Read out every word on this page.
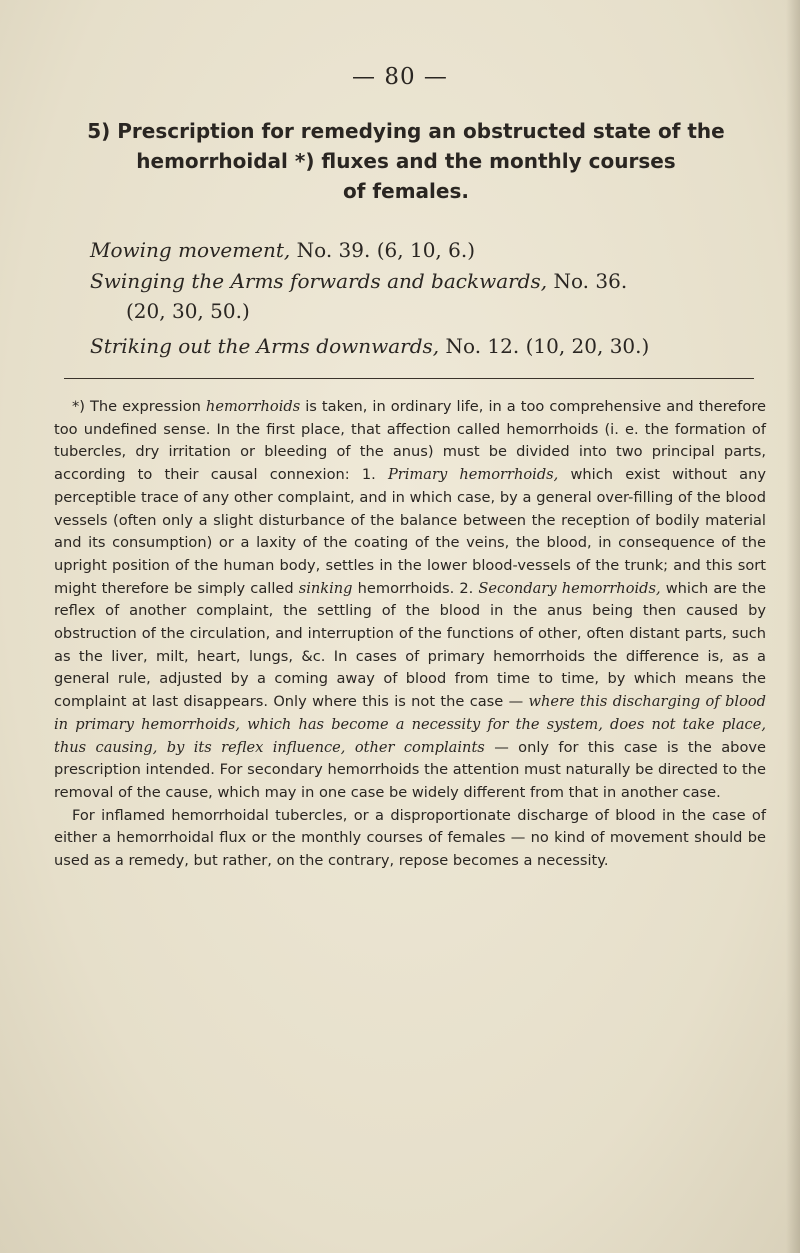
— 80 —
5) Prescription for remedying an obstructed state of the
hemorrhoidal *) fluxes and the monthly courses
of females.
Mowing movement, No. 39. (6, 10, 6.)
Swinging the Arms forwards and backwards, No. 36.
(20, 30, 50.)
Striking out the Arms downwards, No. 12. (10, 20, 30.)

*) The expression hemorrhoids is taken, in ordinary life, in a too comprehensive and therefore too undefined sense. In the first place, that affection called hemorrhoids (i. e. the formation of tubercles, dry irritation or bleeding of the anus) must be divided into two principal parts, according to their causal connexion: 1. Primary hemorrhoids, which exist without any perceptible trace of any other complaint, and in which case, by a general over-filling of the blood vessels (often only a slight disturbance of the balance between the reception of bodily material and its consumption) or a laxity of the coating of the veins, the blood, in consequence of the upright position of the human body, settles in the lower blood-vessels of the trunk; and this sort might therefore be simply called sinking hemorrhoids. 2. Secondary hemorrhoids, which are the reflex of another complaint, the settling of the blood in the anus being then caused by obstruction of the circulation, and interruption of the functions of other, often distant parts, such as the liver, milt, heart, lungs, &c. In cases of primary hemorrhoids the difference is, as a general rule, adjusted by a coming away of blood from time to time, by which means the complaint at last disappears. Only where this is not the case — where this discharging of blood in primary hemorrhoids, which has become a necessity for the system, does not take place, thus causing, by its reflex influence, other complaints — only for this case is the above prescription intended. For secondary hemorrhoids the attention must naturally be directed to the removal of the cause, which may in one case be widely different from that in another case.

For inflamed hemorrhoidal tubercles, or a disproportionate discharge of blood in the case of either a hemorrhoidal flux or the monthly courses of females — no kind of movement should be used as a remedy, but rather, on the contrary, repose becomes a necessity.
